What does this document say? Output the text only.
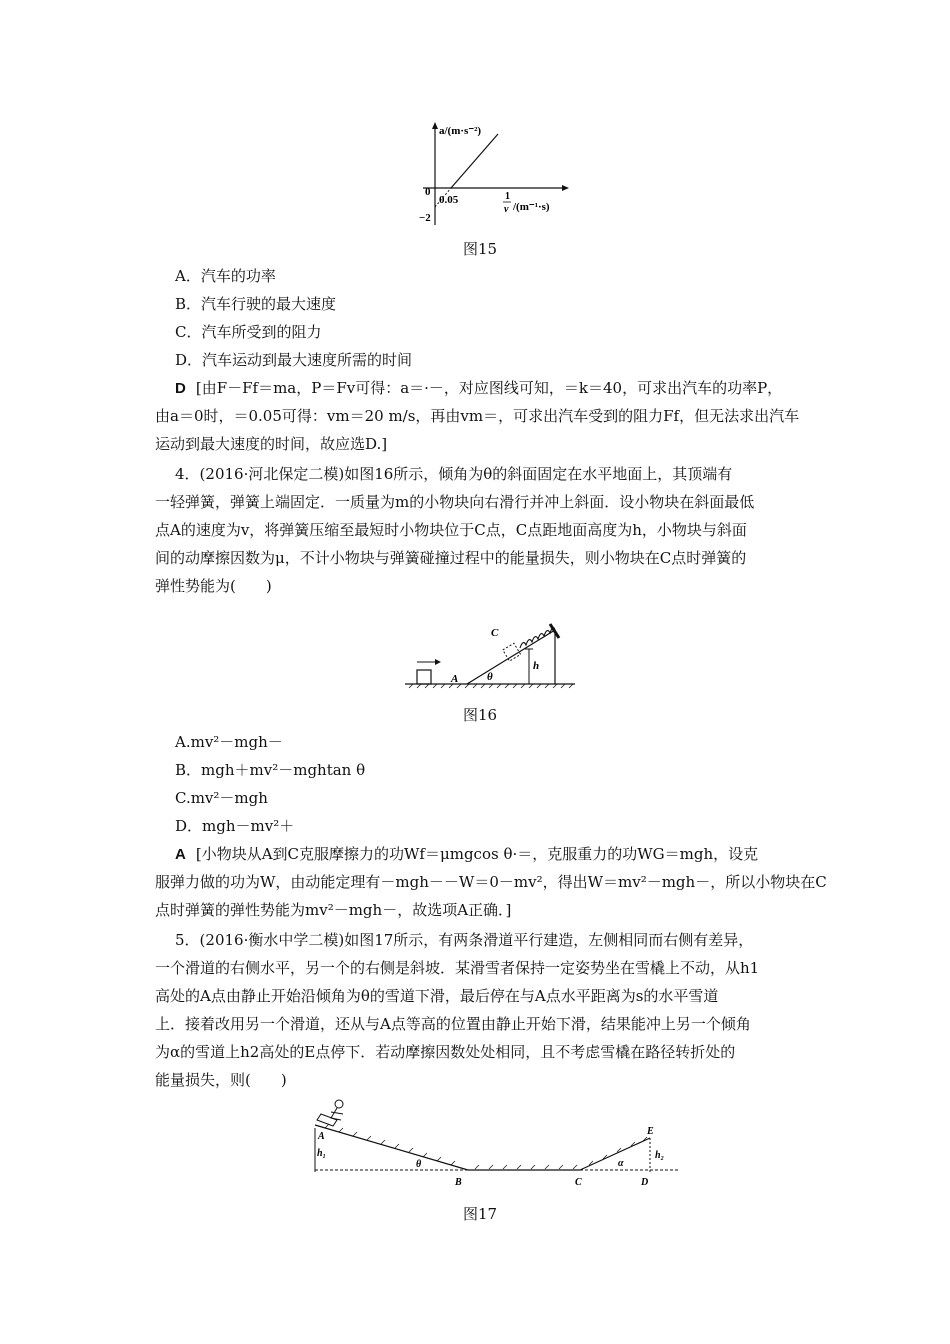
a/(m·s⁻²)
0
0.05
−2
1
v /(m⁻¹·s)
图15
A．汽车的功率
B．汽车行驶的最大速度
C．汽车所受到的阻力
D．汽车运动到最大速度所需的时间
D [由F－Ff＝ma，P＝Fv可得：a＝·－，对应图线可知，＝k＝40，可求出汽车的功率P，
由a＝0时，＝0.05可得：vm＝20 m/s，再由vm＝，可求出汽车受到的阻力Ff，但无法求出汽车
运动到最大速度的时间，故应选D.]
4．(2016·河北保定二模)如图16所示，倾角为θ的斜面固定在水平地面上，其顶端有
一轻弹簧，弹簧上端固定．一质量为m的小物块向右滑行并冲上斜面．设小物块在斜面最低
点A的速度为v，将弹簧压缩至最短时小物块位于C点，C点距地面高度为h，小物块与斜面
间的动摩擦因数为μ，不计小物块与弹簧碰撞过程中的能量损失，则小物块在C点时弹簧的
弹性势能为(　　)
C
A
h
θ
图16
A.mv²－mgh－
B．mgh＋mv²－mghtan θ
C.mv²－mgh
D．mgh－mv²＋
A [小物块从A到C克服摩擦力的功Wf＝μmgcos θ·＝，克服重力的功WG＝mgh，设克
服弹力做的功为W，由动能定理有－mgh－－W＝0－mv²，得出W＝mv²－mgh－，所以小物块在C
点时弹簧的弹性势能为mv²－mgh－，故选项A正确．]
5．(2016·衡水中学二模)如图17所示，有两条滑道平行建造，左侧相同而右侧有差异，
一个滑道的右侧水平，另一个的右侧是斜坡．某滑雪者保持一定姿势坐在雪橇上不动，从h1
高处的A点由静止开始沿倾角为θ的雪道下滑，最后停在与A点水平距离为s的水平雪道
上．接着改用另一个滑道，还从与A点等高的位置由静止开始下滑，结果能冲上另一个倾角
为α的雪道上h2高处的E点停下．若动摩擦因数处处相同，且不考虑雪橇在路径转折处的
能量损失，则(　　)
A
h₁
θ
B	C
α
E
h₂
D
图17
